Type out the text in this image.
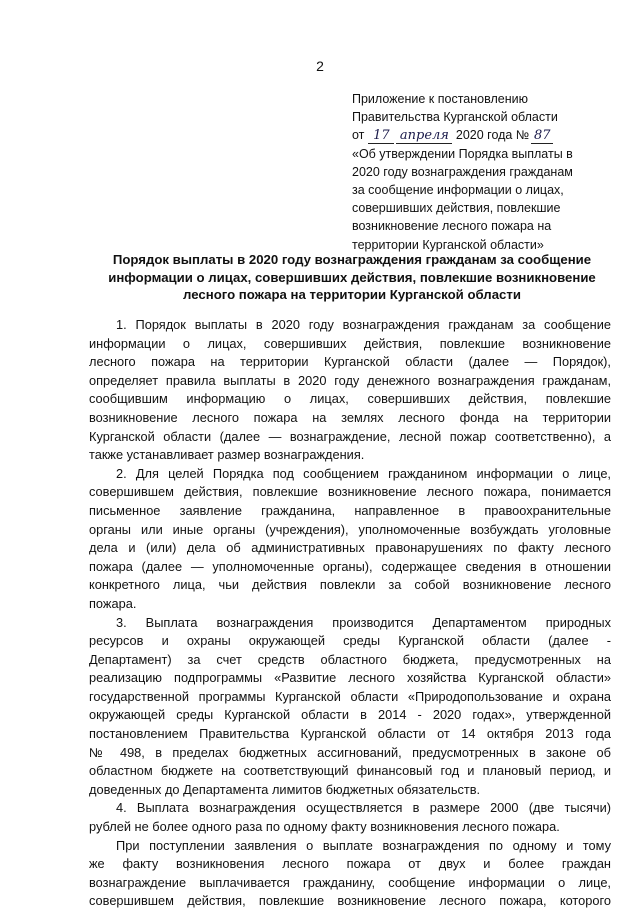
2
Приложение к постановлению
Правительства Курганской области
от 17 апреля 2020 года № 87
«Об утверждении Порядка выплаты в
2020 году вознаграждения гражданам
за сообщение информации о лицах,
совершивших действия, повлекшие
возникновение лесного пожара на
территории Курганской области»
Порядок выплаты в 2020 году вознаграждения гражданам за сообщение
информации о лицах, совершивших действия, повлекшие возникновение
лесного пожара на территории Курганской области
1. Порядок выплаты в 2020 году вознаграждения гражданам за сообщение
информации о лицах, совершивших действия, повлекшие возникновение
лесного пожара на территории Курганской области (далее — Порядок),
определяет правила выплаты в 2020 году денежного вознаграждения гражданам,
сообщившим информацию о лицах, совершивших действия, повлекшие
возникновение лесного пожара на землях лесного фонда на территории
Курганской области (далее — вознаграждение, лесной пожар соответственно), а
также устанавливает размер вознаграждения.
2. Для целей Порядка под сообщением гражданином информации о лице,
совершившем действия, повлекшие возникновение лесного пожара, понимается
письменное заявление гражданина, направленное в правоохранительные
органы или иные органы (учреждения), уполномоченные возбуждать уголовные
дела и (или) дела об административных правонарушениях по факту лесного
пожара (далее — уполномоченные органы), содержащее сведения в отношении
конкретного лица, чьи действия повлекли за собой возникновение лесного
пожара.
3. Выплата вознаграждения производится Департаментом природных
ресурсов и охраны окружающей среды Курганской области (далее -
Департамент) за счет средств областного бюджета, предусмотренных на
реализацию подпрограммы «Развитие лесного хозяйства Курганской области»
государственной программы Курганской области «Природопользование и охрана
окружающей среды Курганской области в 2014 - 2020 годах», утвержденной
постановлением Правительства Курганской области от 14 октября 2013 года
№ 498, в пределах бюджетных ассигнований, предусмотренных в законе об
областном бюджете на соответствующий финансовый год и плановый период, и
доведенных до Департамента лимитов бюджетных обязательств.
4. Выплата вознаграждения осуществляется в размере 2000 (две тысячи)
рублей не более одного раза по одному факту возникновения лесного пожара.
При поступлении заявления о выплате вознаграждения по одному и тому
же факту возникновения лесного пожара от двух и более граждан
вознаграждение выплачивается гражданину, сообщение информации о лице,
совершившем действия, повлекшие возникновение лесного пожара, которого
